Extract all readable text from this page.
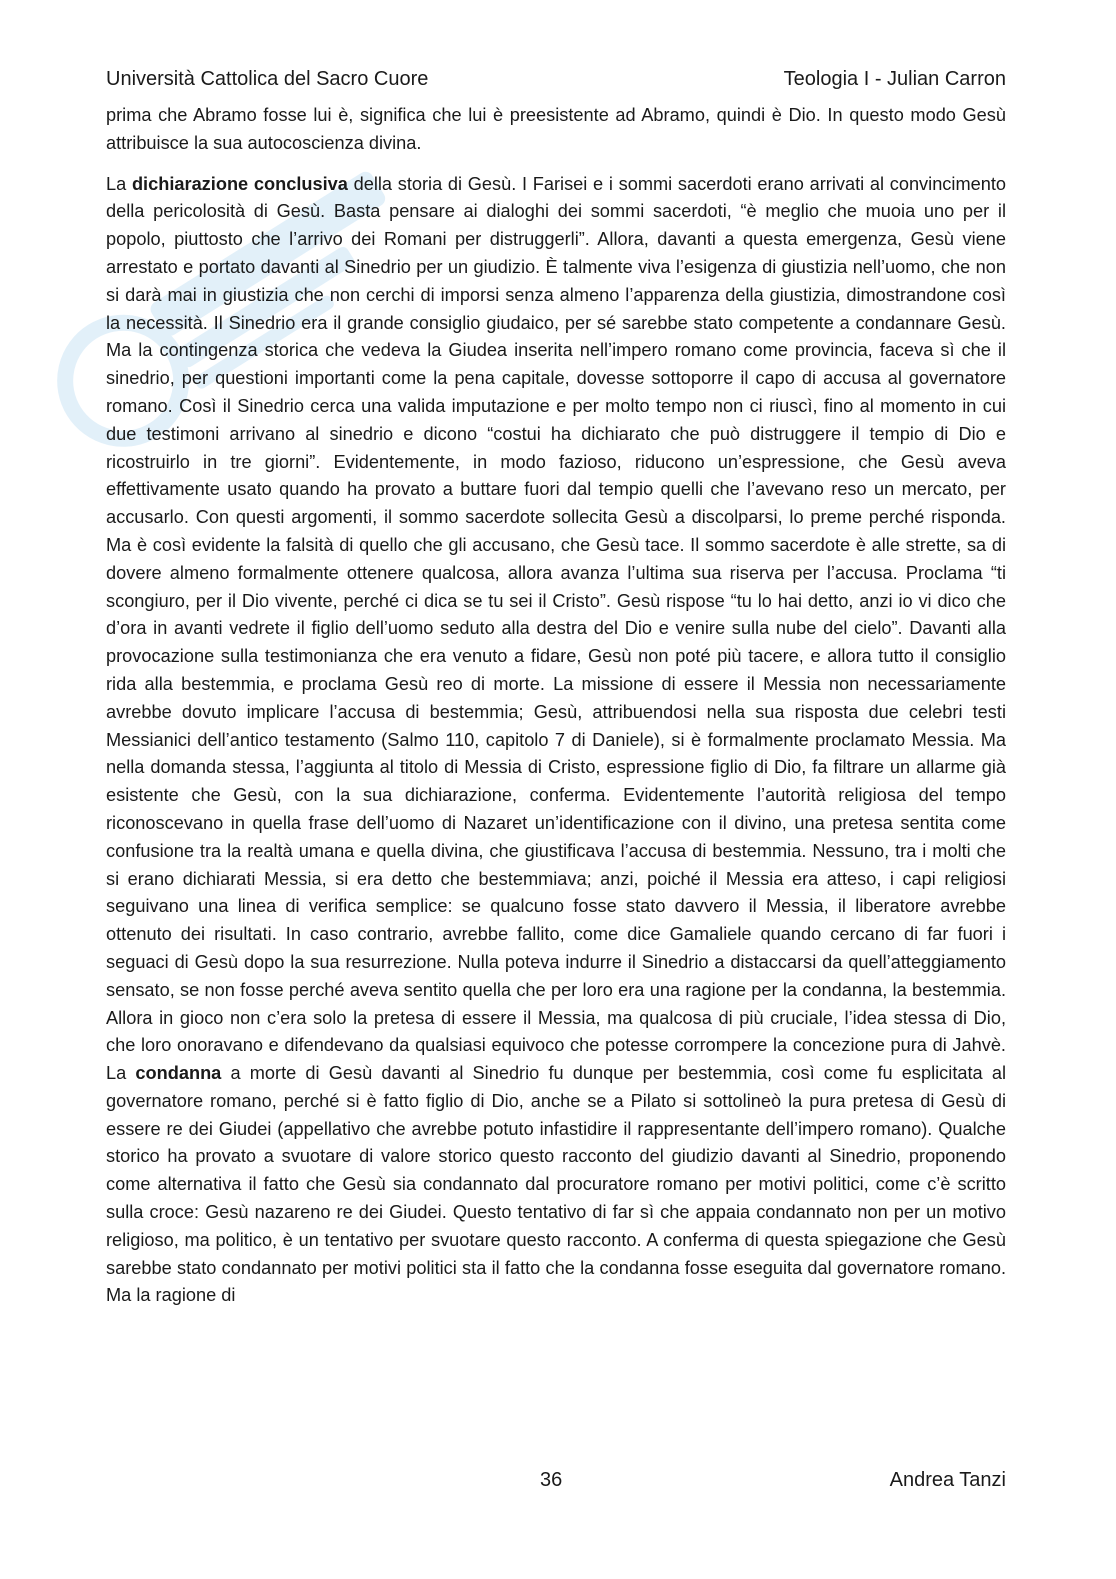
Università Cattolica del Sacro Cuore	Teologia I - Julian Carron

prima che Abramo fosse lui è, significa che lui è preesistente ad Abramo, quindi è Dio. In questo modo Gesù attribuisce la sua autocoscienza divina.

La dichiarazione conclusiva della storia di Gesù. I Farisei e i sommi sacerdoti erano arrivati al convincimento della pericolosità di Gesù. Basta pensare ai dialoghi dei sommi sacerdoti, “è meglio che muoia uno per il popolo, piuttosto che l’arrivo dei Romani per distruggerli”. Allora, davanti a questa emergenza, Gesù viene arrestato e portato davanti al Sinedrio per un giudizio. È talmente viva l’esigenza di giustizia nell’uomo, che non si darà mai in giustizia che non cerchi di imporsi senza almeno l’apparenza della giustizia, dimostrandone così la necessità. Il Sinedrio era il grande consiglio giudaico, per sé sarebbe stato competente a condannare Gesù. Ma la contingenza storica che vedeva la Giudea inserita nell’impero romano come provincia, faceva sì che il sinedrio, per questioni importanti come la pena capitale, dovesse sottoporre il capo di accusa al governatore romano. Così il Sinedrio cerca una valida imputazione e per molto tempo non ci riuscì, fino al momento in cui due testimoni arrivano al sinedrio e dicono “costui ha dichiarato che può distruggere il tempio di Dio e ricostruirlo in tre giorni”. Evidentemente, in modo fazioso, riducono un’espressione, che Gesù aveva effettivamente usato quando ha provato a buttare fuori dal tempio quelli che l’avevano reso un mercato, per accusarlo. Con questi argomenti, il sommo sacerdote sollecita Gesù a discolparsi, lo preme perché risponda. Ma è così evidente la falsità di quello che gli accusano, che Gesù tace. Il sommo sacerdote è alle strette, sa di dovere almeno formalmente ottenere qualcosa, allora avanza l’ultima sua riserva per l’accusa. Proclama “ti scongiuro, per il Dio vivente, perché ci dica se tu sei il Cristo”. Gesù rispose “tu lo hai detto, anzi io vi dico che d’ora in avanti vedrete il figlio dell’uomo seduto alla destra del Dio e venire sulla nube del cielo”. Davanti alla provocazione sulla testimonianza che era venuto a fidare, Gesù non poté più tacere, e allora tutto il consiglio rida alla bestemmia, e proclama Gesù reo di morte. La missione di essere il Messia non necessariamente avrebbe dovuto implicare l’accusa di bestemmia; Gesù, attribuendosi nella sua risposta due celebri testi Messianici dell’antico testamento (Salmo 110, capitolo 7 di Daniele), si è formalmente proclamato Messia. Ma nella domanda stessa, l’aggiunta al titolo di Messia di Cristo, espressione figlio di Dio, fa filtrare un allarme già esistente che Gesù, con la sua dichiarazione, conferma. Evidentemente l’autorità religiosa del tempo riconoscevano in quella frase dell’uomo di Nazaret un’identificazione con il divino, una pretesa sentita come confusione tra la realtà umana e quella divina, che giustificava l’accusa di bestemmia. Nessuno, tra i molti che si erano dichiarati Messia, si era detto che bestemmiava; anzi, poiché il Messia era atteso, i capi religiosi seguivano una linea di verifica semplice: se qualcuno fosse stato davvero il Messia, il liberatore avrebbe ottenuto dei risultati. In caso contrario, avrebbe fallito, come dice Gamaliele quando cercano di far fuori i seguaci di Gesù dopo la sua resurrezione. Nulla poteva indurre il Sinedrio a distaccarsi da quell’atteggiamento sensato, se non fosse perché aveva sentito quella che per loro era una ragione per la condanna, la bestemmia. Allora in gioco non c’era solo la pretesa di essere il Messia, ma qualcosa di più cruciale, l’idea stessa di Dio, che loro onoravano e difendevano da qualsiasi equivoco che potesse corrompere la concezione pura di Jahvè. La condanna a morte di Gesù davanti al Sinedrio fu dunque per bestemmia, così come fu esplicitata al governatore romano, perché si è fatto figlio di Dio, anche se a Pilato si sottolineò la pura pretesa di Gesù di essere re dei Giudei (appellativo che avrebbe potuto infastidire il rappresentante dell’impero romano). Qualche storico ha provato a svuotare di valore storico questo racconto del giudizio davanti al Sinedrio, proponendo come alternativa il fatto che Gesù sia condannato dal procuratore romano per motivi politici, come c’è scritto sulla croce: Gesù nazareno re dei Giudei. Questo tentativo di far sì che appaia condannato non per un motivo religioso, ma politico, è un tentativo per svuotare questo racconto. A conferma di questa spiegazione che Gesù sarebbe stato condannato per motivi politici sta il fatto che la condanna fosse eseguita dal governatore romano. Ma la ragione di

36	Andrea Tanzi
